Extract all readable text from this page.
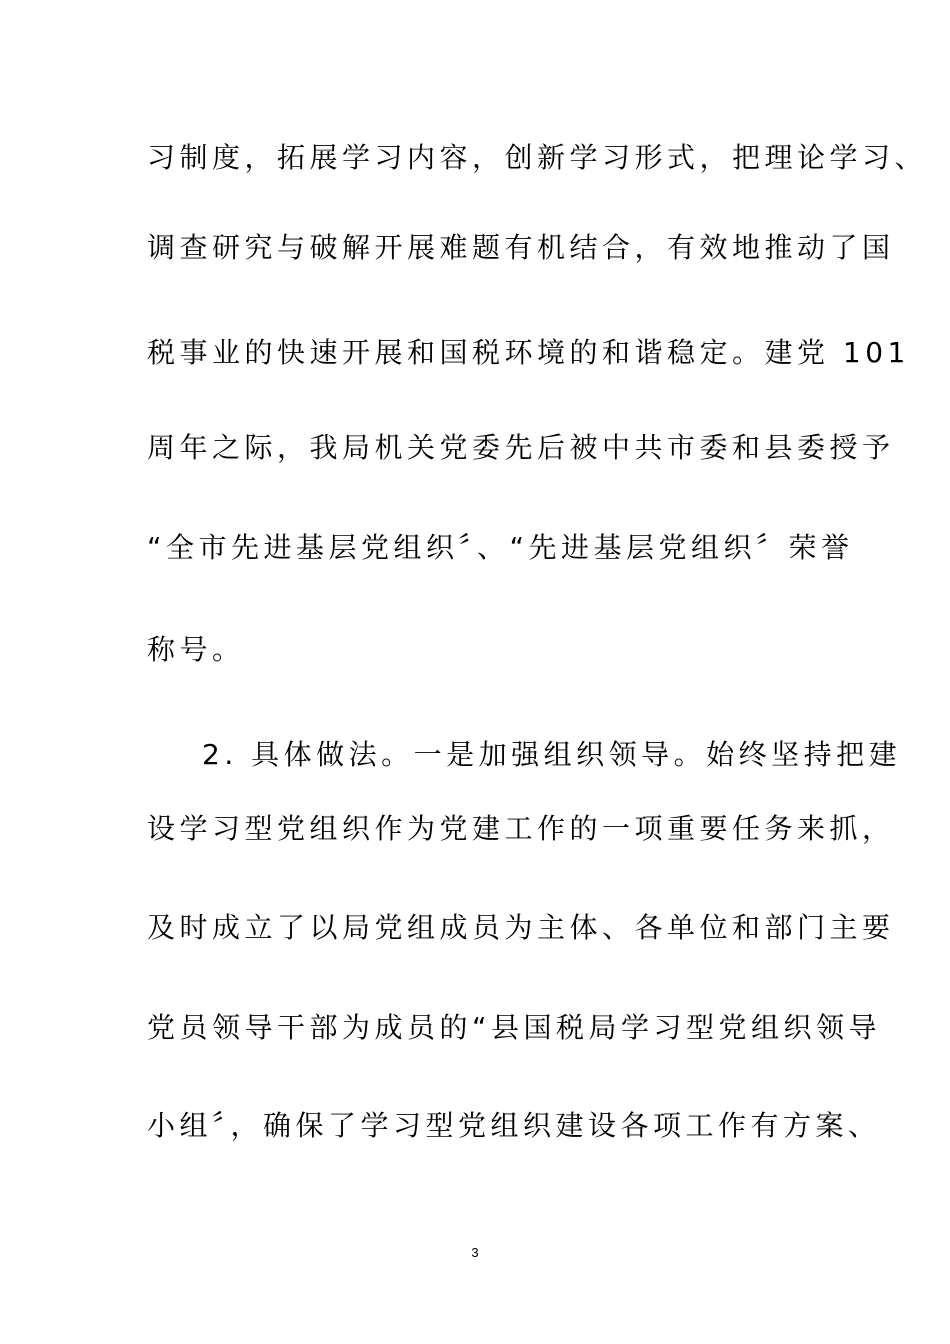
习制度，拓展学习内容，创新学习形式，把理论学习、
调查研究与破解开展难题有机结合，有效地推动了国
税事业的快速开展和国税环境的和谐稳定。建党 101
周年之际，我局机关党委先后被中共市委和县委授予
“全市先进基层党组织〞、“先进基层党组织〞荣誉
称号。
2. 具体做法。一是加强组织领导。始终坚持把建
设学习型党组织作为党建工作的一项重要任务来抓，
及时成立了以局党组成员为主体、各单位和部门主要
党员领导干部为成员的“县国税局学习型党组织领导
小组〞，确保了学习型党组织建设各项工作有方案、
3
